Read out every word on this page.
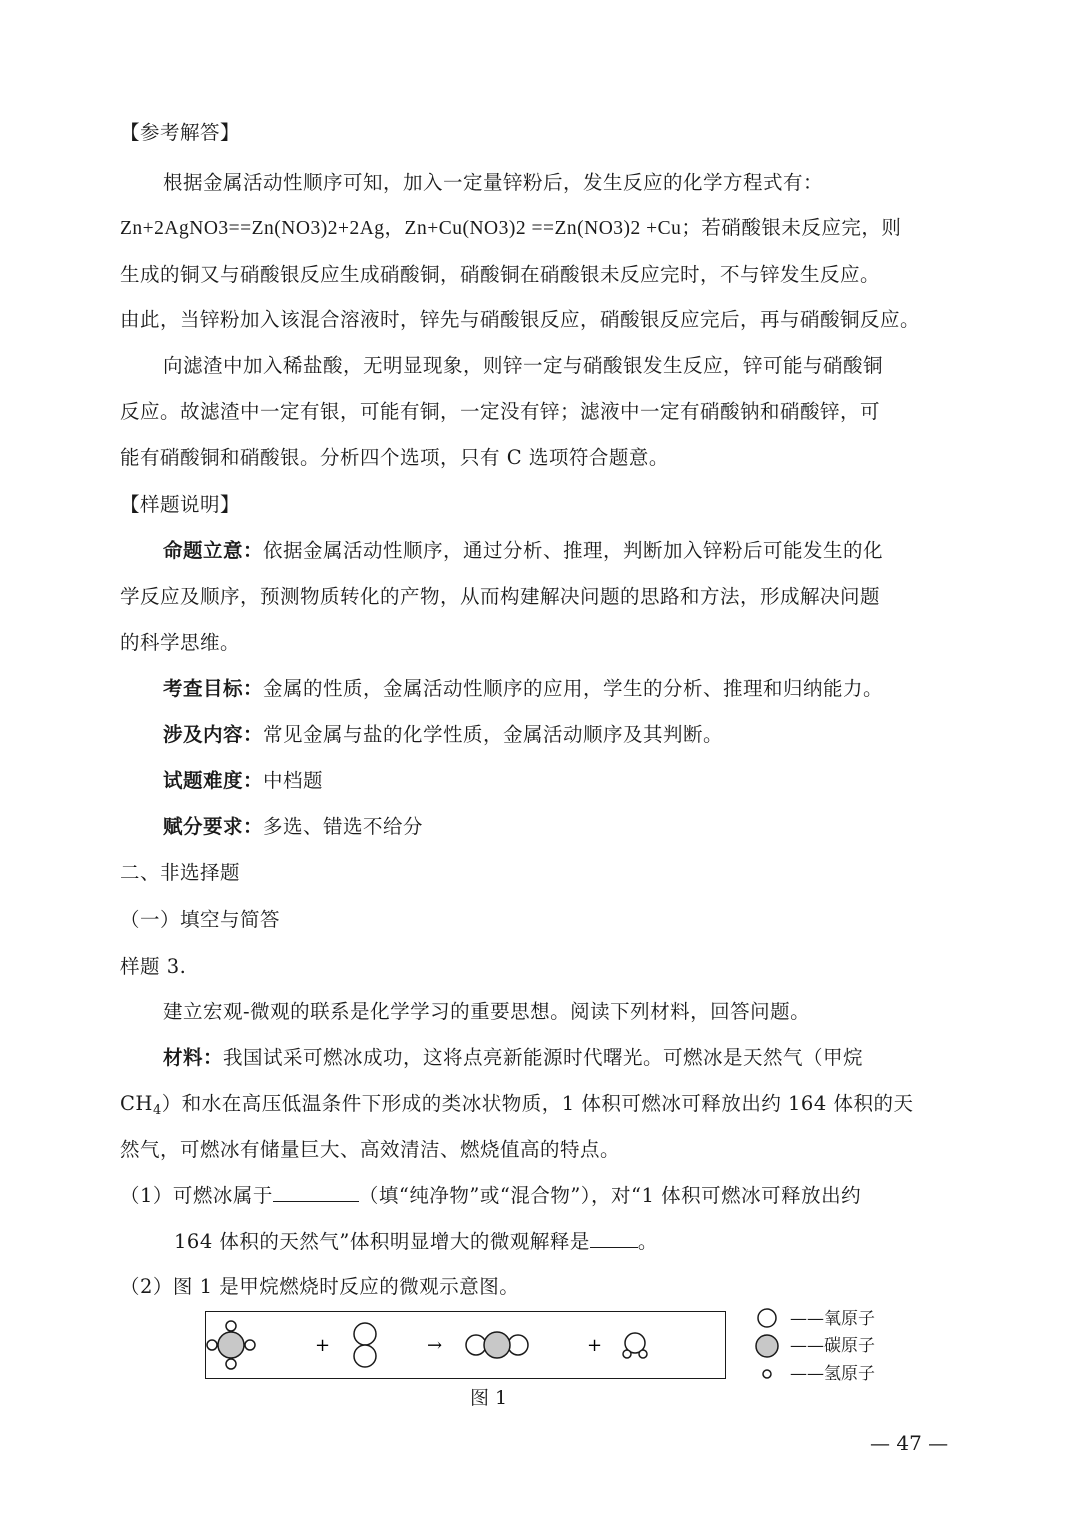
【参考解答】
根据金属活动性顺序可知，加入一定量锌粉后，发生反应的化学方程式有：
Zn+2AgNO3==Zn(NO3)2+2Ag，Zn+Cu(NO3)2 ==Zn(NO3)2 +Cu；若硝酸银未反应完，则
生成的铜又与硝酸银反应生成硝酸铜，硝酸铜在硝酸银未反应完时，不与锌发生反应。
由此，当锌粉加入该混合溶液时，锌先与硝酸银反应，硝酸银反应完后，再与硝酸铜反应。
向滤渣中加入稀盐酸，无明显现象，则锌一定与硝酸银发生反应，锌可能与硝酸铜
反应。故滤渣中一定有银，可能有铜，一定没有锌；滤液中一定有硝酸钠和硝酸锌，可
能有硝酸铜和硝酸银。分析四个选项，只有 C 选项符合题意。
【样题说明】
命题立意：依据金属活动性顺序，通过分析、推理，判断加入锌粉后可能发生的化
学反应及顺序，预测物质转化的产物，从而构建解决问题的思路和方法，形成解决问题
的科学思维。
考查目标：金属的性质，金属活动性顺序的应用，学生的分析、推理和归纳能力。
涉及内容：常见金属与盐的化学性质，金属活动顺序及其判断。
试题难度：中档题
赋分要求：多选、错选不给分
二、非选择题
（一）填空与简答
样题 3.
建立宏观-微观的联系是化学学习的重要思想。阅读下列材料，回答问题。
材料：我国试采可燃冰成功，这将点亮新能源时代曙光。可燃冰是天然气（甲烷
$CH_4$）和水在高压低温条件下形成的类冰状物质，1 体积可燃冰可释放出约 164 体积的天
然气，可燃冰有储量巨大、高效清洁、燃烧值高的特点。
（1）可燃冰属于	（填“纯净物”或“混合物”），对“1 体积可燃冰可释放出约
164 体积的天然气”体积明显增大的微观解释是 。
（2）图 1 是甲烷燃烧时反应的微观示意图。
+	→	+
——氧原子
——碳原子
——氢原子
图 1
— 47 —
